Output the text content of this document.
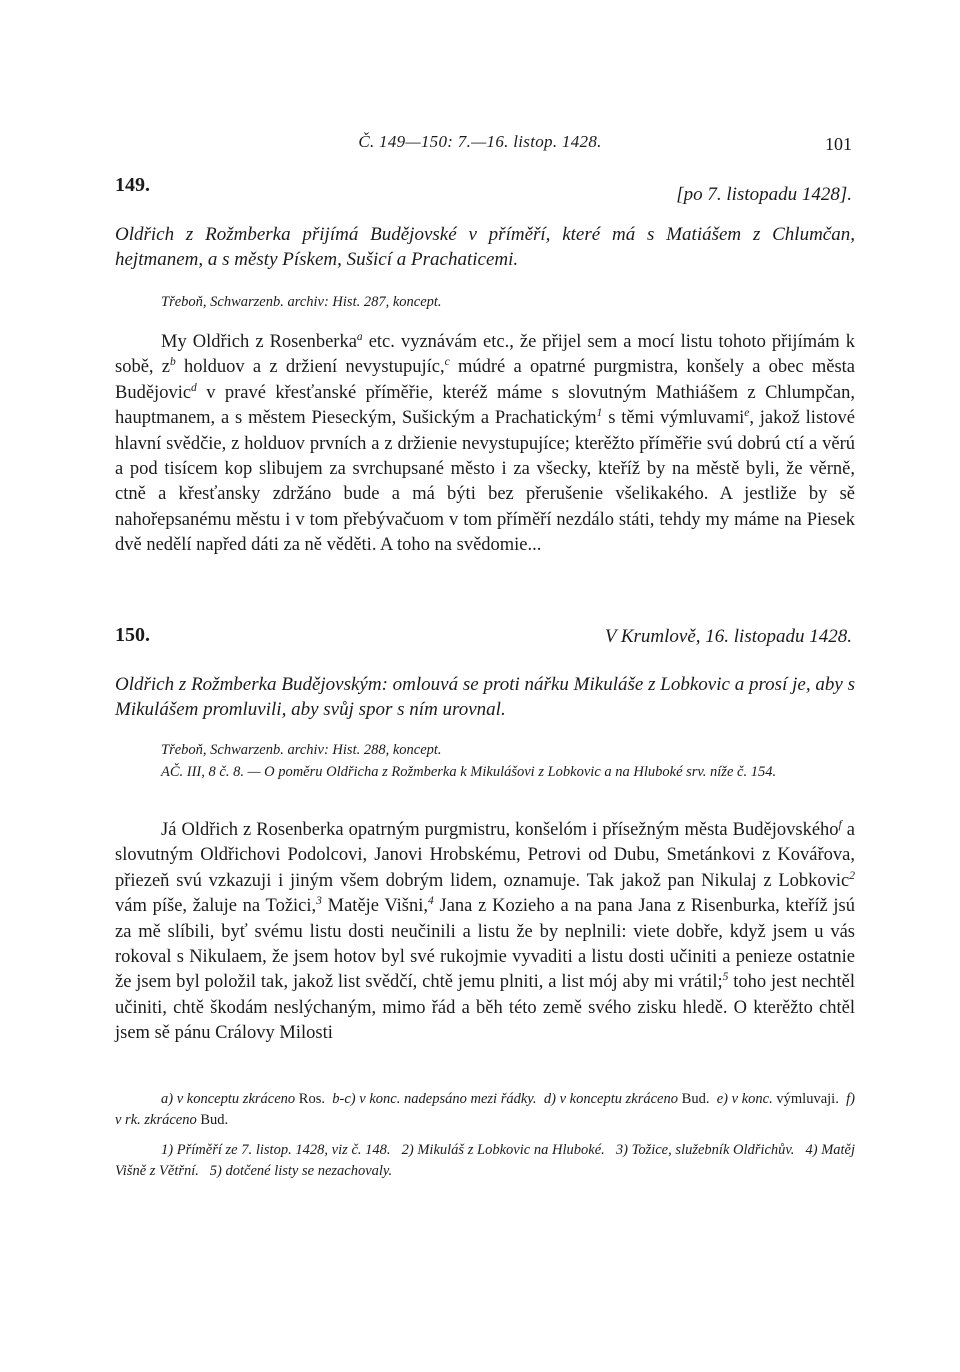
Č. 149—150: 7.—16. listop. 1428.	101
149.	[po 7. listopadu 1428].
Oldřich z Rožmberka přijímá Budějovské v příměří, které má s Matiášem z Chlumčan, hejtmanem, a s městy Pískem, Sušicí a Prachaticemi.
Třeboň, Schwarzenb. archiv: Hist. 287, koncept.

My Oldřich z Rosenberka$^a$ etc. vyznávám etc., že přijel sem a mocí listu tohoto přijímám k sobě, $z^b$ holduov a z držiení nevystupujíc,$^c$ múdré a opatrné purgmistra, konšely a obec města Budějovic$^d$ v pravé křesťanské příměřie, kteréž máme s slovutným Mathiášem z Chlumpčan, hauptmanem, a s městem Pieseckým, Sušickým a Prachatickým$^1$ s těmi výmluvami$^e$, jakož listové hlavní svědčie, z holduov prvních a z držienie nevystupujíce; kterěžto příměřie svú dobrú ctí a věrú a pod tisícem kop slibujem za svrchupsané město i za všecky, kteříž by na městě byli, že věrně, ctně a křesťansky zdržáno bude a má býti bez přerušenie všelikakého. A jestliže by sě nahořepsanému městu i v tom přebývačuom v tom příměří nezdálo státi, tehdy my máme na Piesek dvě nedělí napřed dáti za ně věděti. A toho na svědomie...

150.	V Krumlově, 16. listopadu 1428.
Oldřich z Rožmberka Budějovským: omlouvá se proti nářku Mikuláše z Lobkovic a prosí je, aby s Mikulášem promluvili, aby svůj spor s ním urovnal.
Třeboň, Schwarzenb. archiv: Hist. 288, koncept.
AČ. III, 8 č. 8. — O poměru Oldřicha z Rožmberka k Mikulášovi z Lobkovic a na Hluboké srv. níže č. 154.

Já Oldřich z Rosenberka opatrným purgmistru, konšelóm i přísežným města Budějovského$^f$ a slovutným Oldřichovi Podolcovi, Janovi Hrobskému, Petrovi od Dubu, Smetánkovi z Kovářova, přiezeň svú vzkazuji i jiným všem dobrým lidem, oznamuje. Tak jakož pan Nikulaj z Lobkovic$^2$ vám píše, žaluje na Tožici,$^3$ Matěje Višni,$^4$ Jana z Kozieho a na pana Jana z Risenburka, kteříž jsú za mě slíbili, byť svému listu dosti neučinili a listu že by neplnili: viete dobře, když jsem u vás rokoval s Nikulaem, že jsem hotov byl své rukojmie vyvaditi a listu dosti učiniti a penieze ostatnie že jsem byl položil tak, jakož list svědčí, chtě jemu plniti, a list mój aby mi vrátil;$^5$ toho jest nechtěl učiniti, chtě škodám neslýchaným, mimo řád a běh této země svého zisku hledě. O kterěžto chtěl jsem sě pánu Crálovy Milosti

a) v konceptu zkráceno Ros. b-c) v konc. nadepsáno mezi řádky. d) v konceptu zkráceno Bud. e) v konc. výmluvaji. f) v rk. zkráceno Bud.
1) Příměří ze 7. listop. 1428, viz č. 148. 2) Mikuláš z Lobkovic na Hluboké. 3) Tožice, služebník Oldřichův. 4) Matěj Višně z Větřní. 5) dotčené listy se nezachovaly.
